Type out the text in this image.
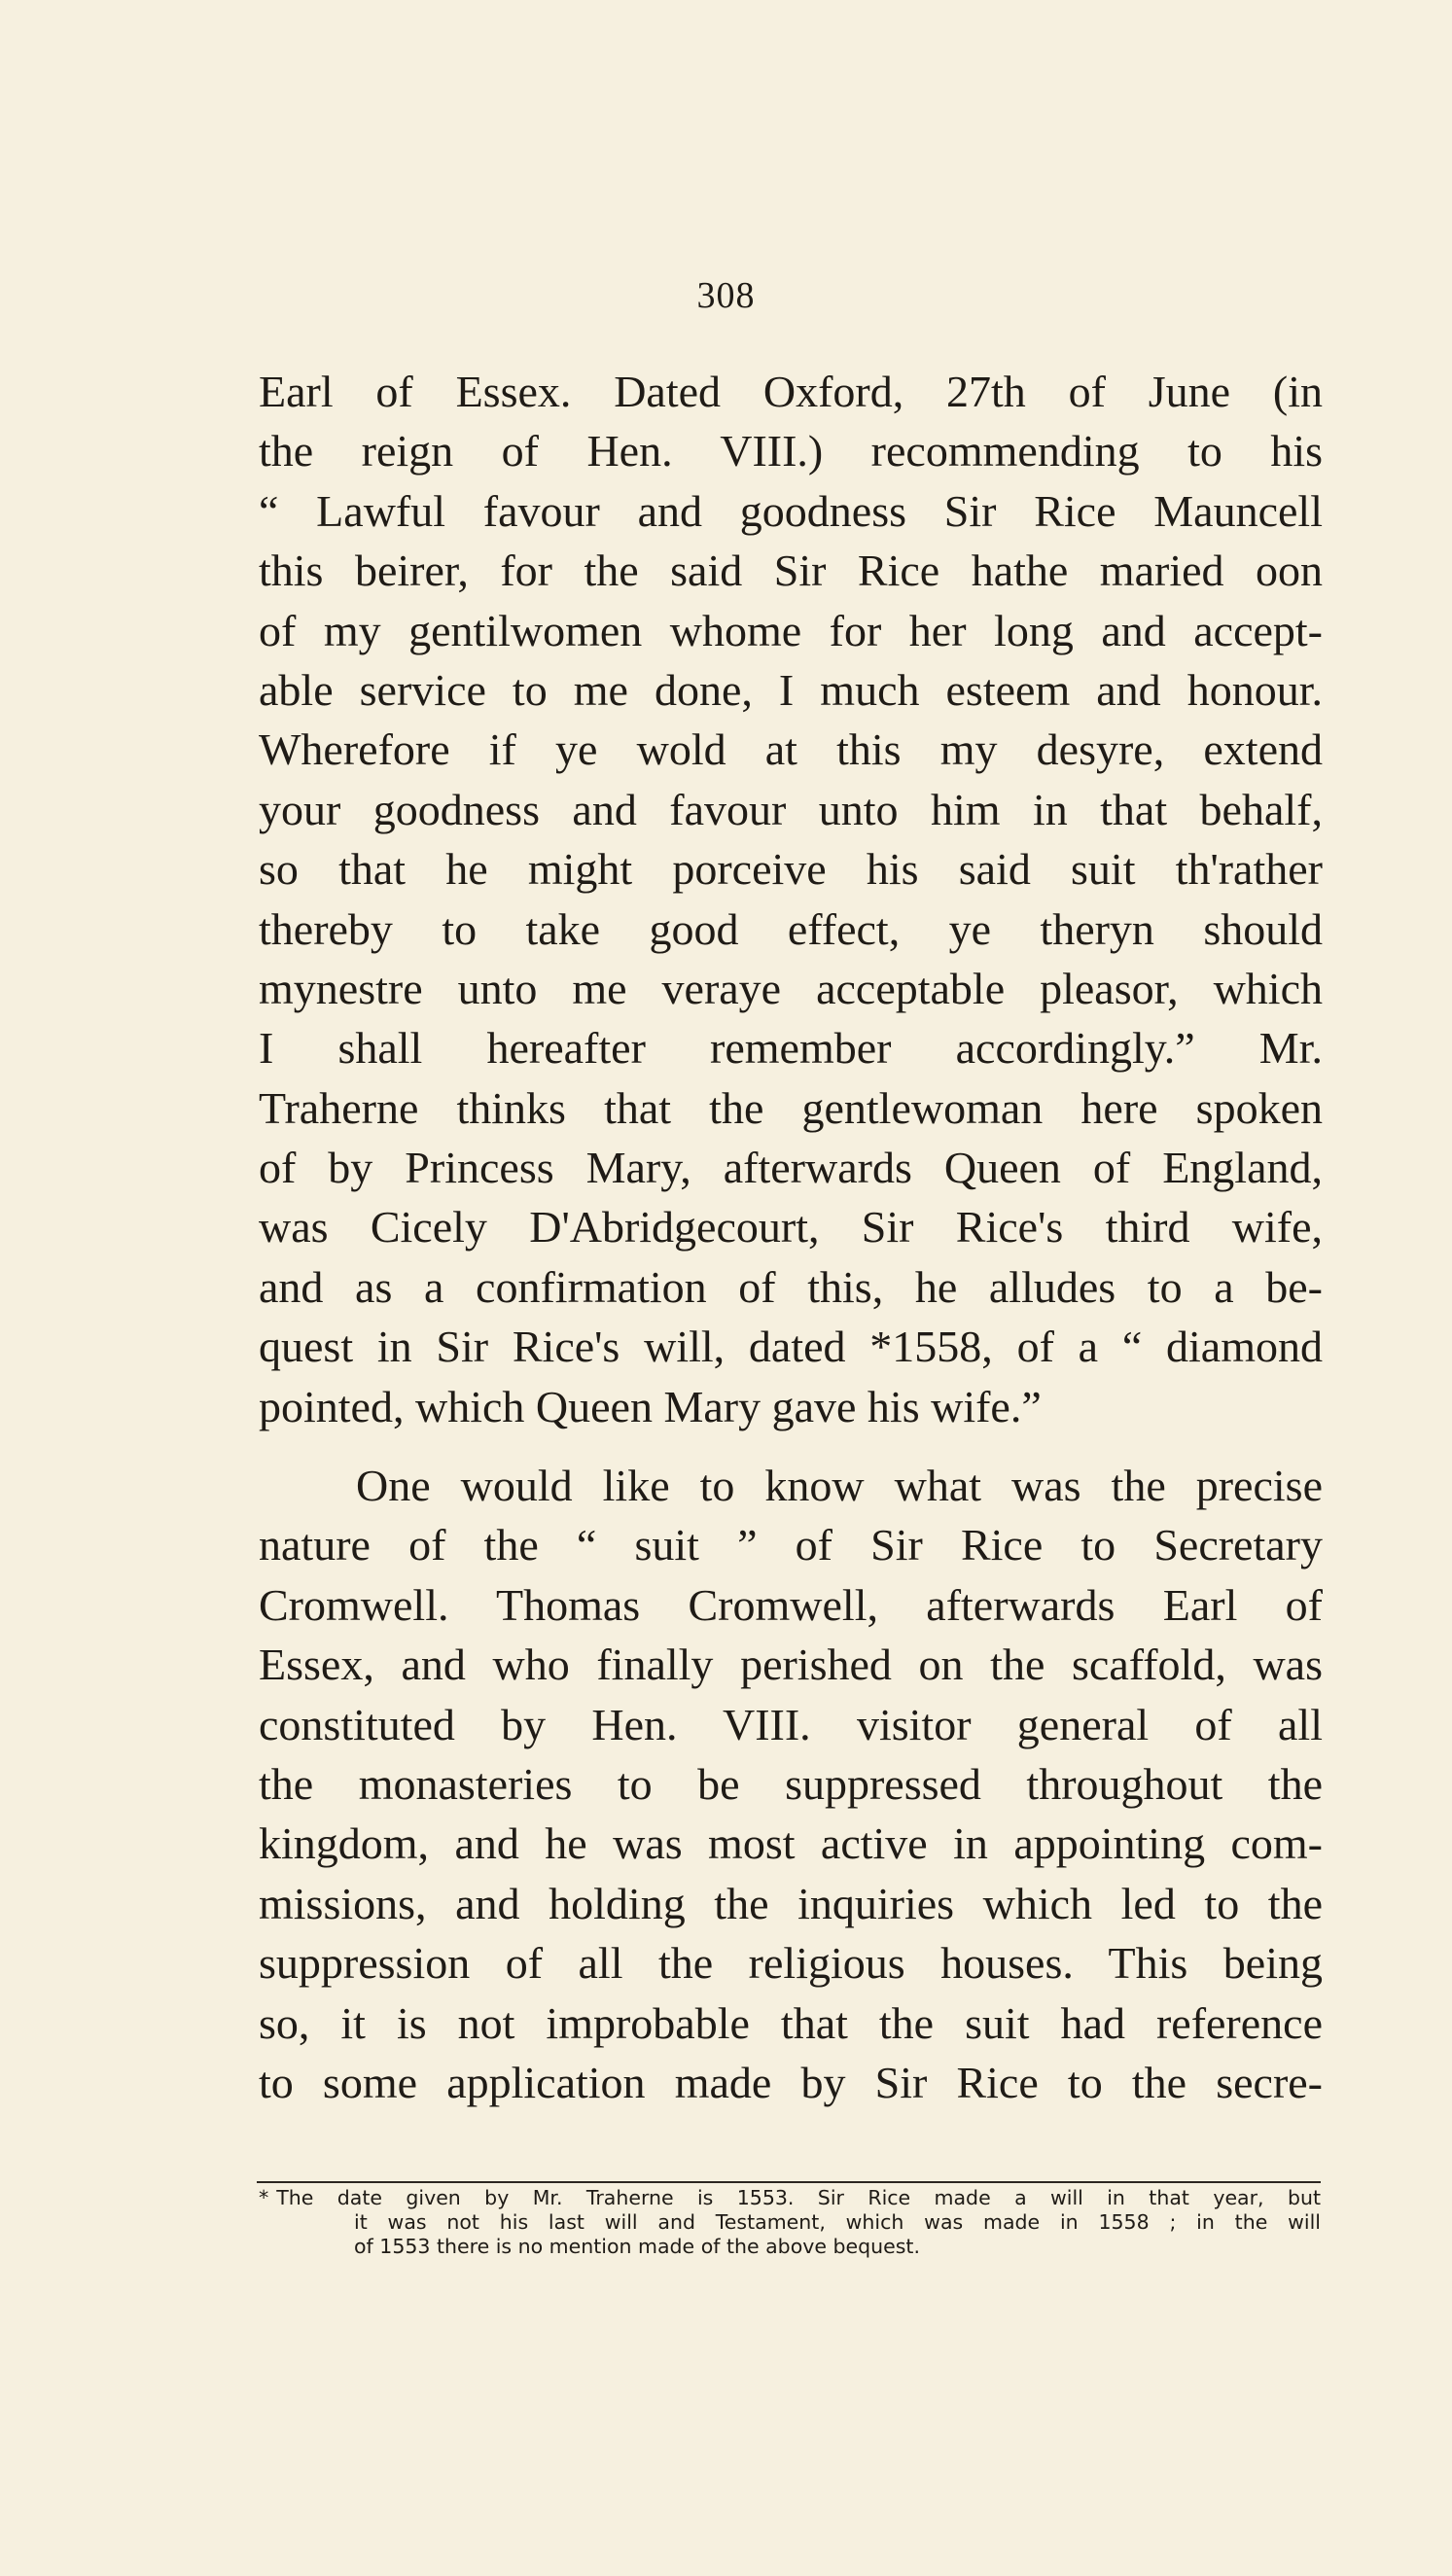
308
Earl of Essex. Dated Oxford, 27th of June (in
the reign of Hen. VIII.) recommending to his
“ Lawful favour and goodness Sir Rice Mauncell
this beirer, for the said Sir Rice hathe maried oon
of my gentilwomen whome for her long and accept-
able service to me done, I much esteem and honour.
Wherefore if ye wold at this my desyre, extend
your goodness and favour unto him in that behalf,
so that he might porceive his said suit th'rather
thereby to take good effect, ye theryn should
mynestre unto me veraye acceptable pleasor, which
I shall hereafter remember accordingly.” Mr.
Traherne thinks that the gentlewoman here spoken
of by Princess Mary, afterwards Queen of England,
was Cicely D'Abridgecourt, Sir Rice's third wife,
and as a confirmation of this, he alludes to a be-
quest in Sir Rice's will, dated *1558, of a “ diamond
pointed, which Queen Mary gave his wife.”
One would like to know what was the precise
nature of the “ suit ” of Sir Rice to Secretary
Cromwell. Thomas Cromwell, afterwards Earl of
Essex, and who finally perished on the scaffold, was
constituted by Hen. VIII. visitor general of all
the monasteries to be suppressed throughout the
kingdom, and he was most active in appointing com-
missions, and holding the inquiries which led to the
suppression of all the religious houses. This being
so, it is not improbable that the suit had reference
to some application made by Sir Rice to the secre-
* The date given by Mr. Traherne is 1553. Sir Rice made a will in that year, but
it was not his last will and Testament, which was made in 1558 ; in the will
of 1553 there is no mention made of the above bequest.
